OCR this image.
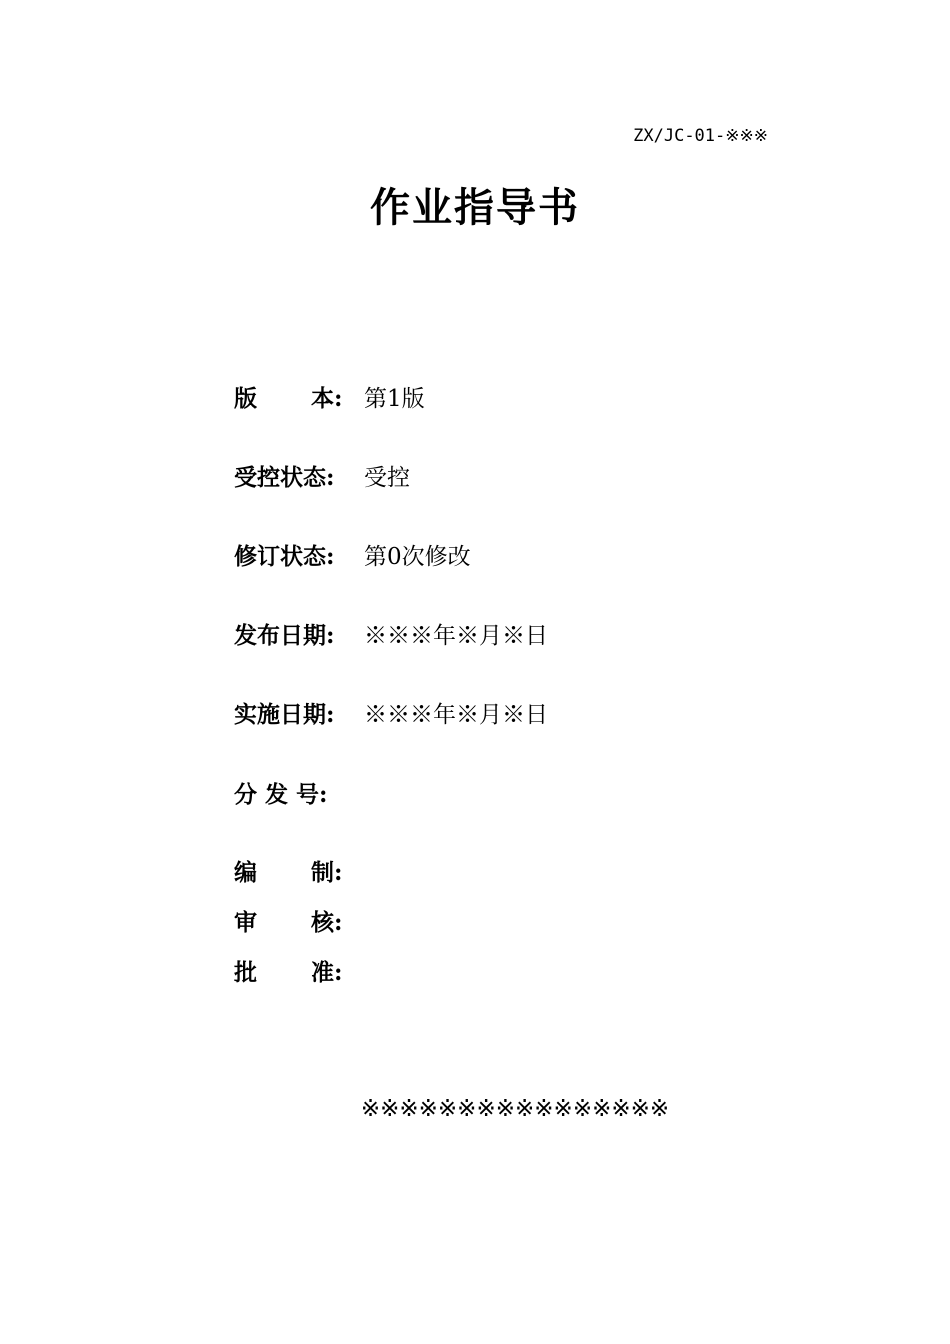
ZX/JC-01-※※※
作业指导书
版　　 本: 第1版
受控状态:	受控
修订状态:	第0次修改
发布日期:	※※※年※月※日
实施日期:	※※※年※月※日
分 发 号:
编　　 制:
审　　 核:
批　　 准:
※※※※※※※※※※※※※※※※
